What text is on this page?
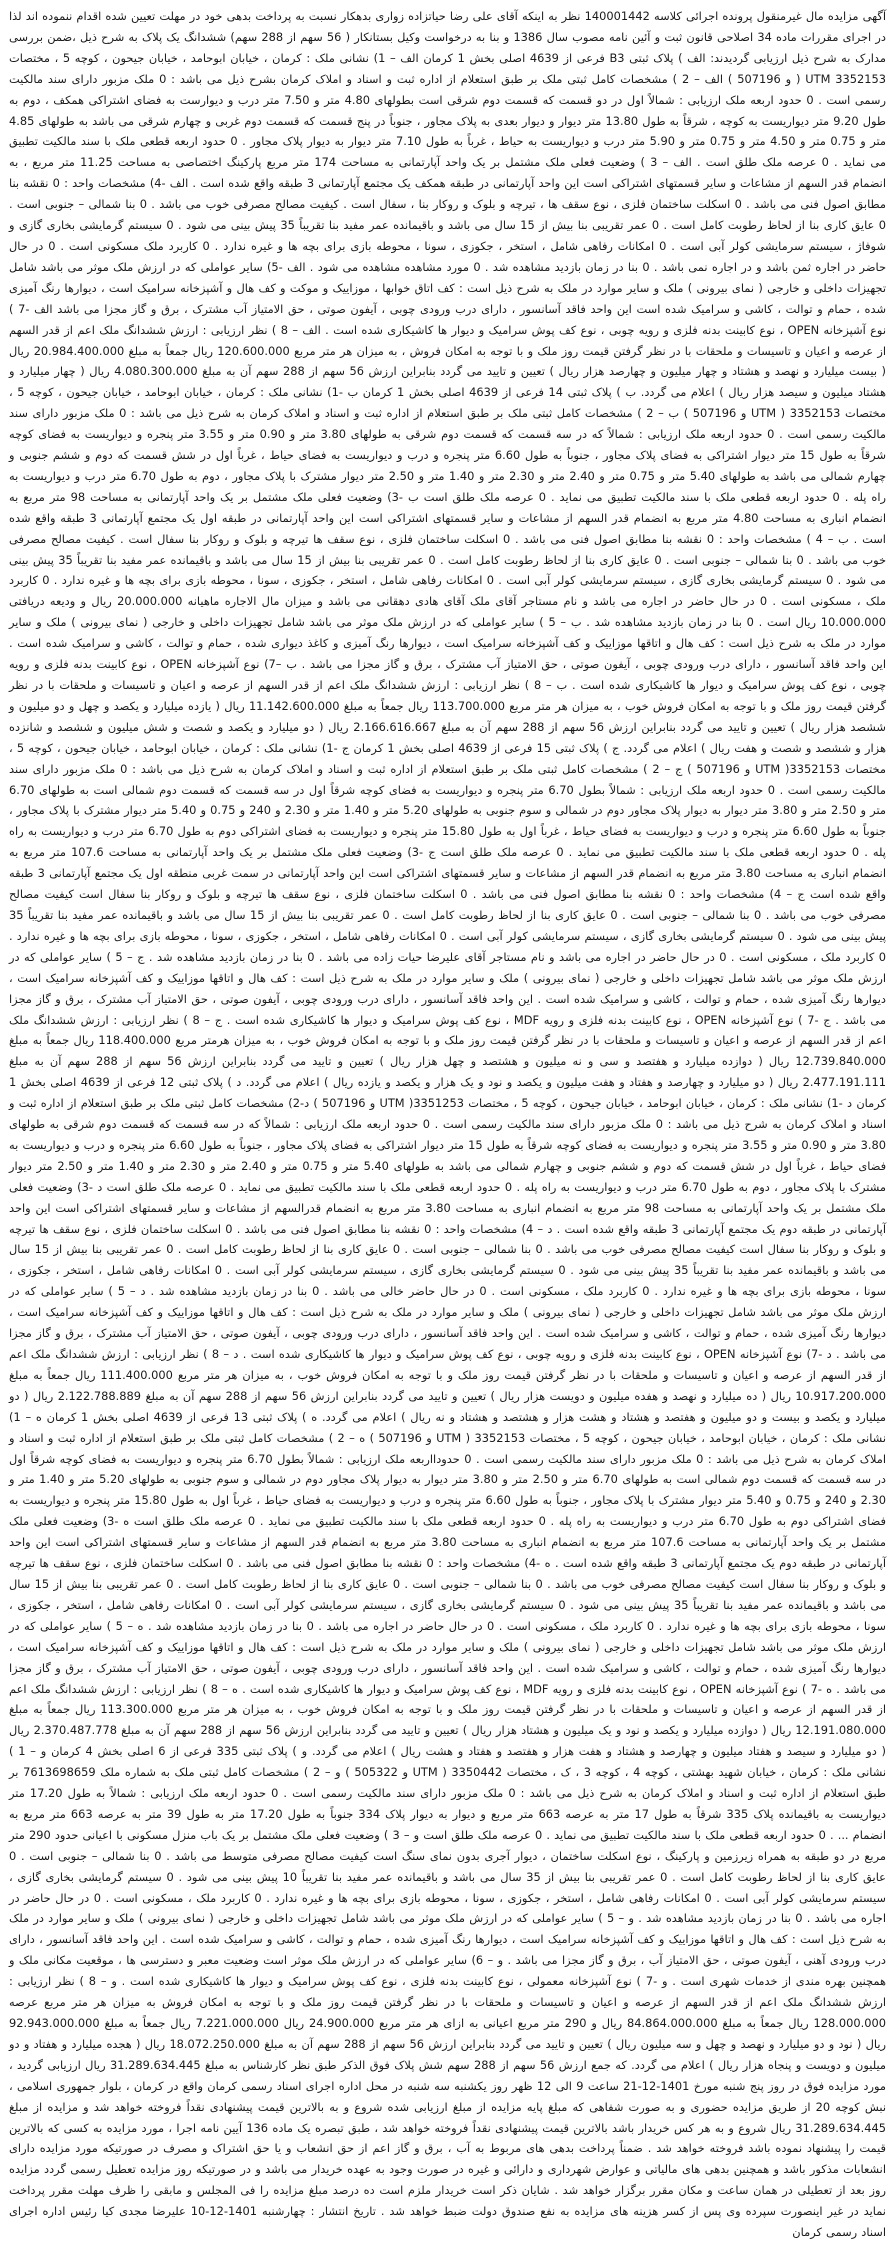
آگهی مزایده مال غیرمنقول پرونده اجرائی کلاسه 140001442 نظر به اینکه آقای علی رضا حیاتزاده زواری بدهکار نسبت به پرداخت بدهی خود در مهلت تعیین شده اقدام ننموده اند لذا در اجرای مقررات ماده 34 اصلاحی قانون ثبت و آئین نامه مصوب سال 1386 و بنا به درخواست وکیل بستانکار ( 56 سهم از 288 سهم) ششدانگ یک پلاک به شرح ذیل ،ضمن بررسی مدارک به شرح ذیل ارزیابی گردیدند: الف ) پلاک ثبتی B3 فرعی از 4639 اصلی بخش 1 کرمان الف – 1) نشانی ملک : کرمان ، خیابان ابوحامد ، خیابان جیحون ، کوچه 5 ، مختصات 3352153 UTM ( و 507196 ) الف – 2 ) مشخصات کامل ثبتی ملک بر طبق استعلام از اداره ثبت و اسناد و املاک کرمان بشرح ذیل می باشد : 0 ملک مزبور دارای سند مالکیت رسمی است . 0 حدود اربعه ملک ارزیابی : شمالاً اول در دو قسمت که قسمت دوم شرقی است بطولهای 4.80 متر و 7.50 متر درب و دیوارست به فضای اشتراکی همکف ، دوم به طول 9.20 متر دیواریست به کوچه ، شرقاً به طول 13.80 متر دیوار و دیوار بعدی به پلاک مجاور ، جنوباً در پنج قسمت که قسمت دوم غربی و چهارم شرقی می باشد به طولهای 4.85 متر و 0.75 متر و 4.50 متر و 0.75 متر و 5.90 متر درب و دیواریست به حیاط ، غرباً به طول 7.10 متر دیوار به دیوار پلاک مجاور . 0 حدود اربعه قطعی ملک با سند مالکیت تطبیق می نماید . 0 عرصه ملک طلق است . الف – 3 ) وضعیت فعلی ملک مشتمل بر یک واحد آپارتمانی به مساحت 174 متر مربع پارکینگ اختصاصی به مساحت 11.25 متر مربع ، به انضمام قدر السهم از مشاعات و سایر قسمتهای اشتراکی است این واحد آپارتمانی در طبقه همکف یک مجتمع آپارتمانی 3 طبقه واقع شده است . الف -4) مشخصات واحد : 0 نقشه بنا مطابق اصول فنی می باشد . 0 اسکلت ساختمان فلزی ، نوع سقف ها ، تیرچه و بلوک و روکار بنا ، سفال است . کیفیت مصالح مصرفی خوب می باشد . 0 بنا شمالی – جنوبی است . 0 عایق کاری بنا از لحاظ رطوبت کامل است . 0 عمر تقریبی بنا بیش از 15 سال می باشد و باقیمانده عمر مفید بنا تقریباً 35 پیش بینی می شود . 0 سیستم گرمایشی بخاری گازی و شوفاژ ، سیستم سرمایشی کولر آبی است . 0 امکانات رفاهی شامل ، استخر ، جکوزی ، سونا ، محوطه بازی برای بچه ها و غیره ندارد . 0 کاربرد ملک مسکونی است . 0 در حال حاضر در اجاره ثمن باشد و در اجاره نمی باشد . 0 بنا در زمان بازدید مشاهده شد . 0 مورد مشاهده مشاهده می شود . الف -5) سایر عواملی که در ارزش ملک موثر می باشد شامل تجهیزات داخلی و خارجی ( نمای بیرونی ) ملک و سایر موارد در ملک به شرح ذیل است : کف اتاق خوابها ، موزاییک و موکت و کف هال و آشپزخانه سرامیک است ، دیوارها رنگ آمیزی شده ، حمام و توالت ، کاشی و سرامیک شده است این واحد فاقد آسانسور ، دارای درب ورودی چوبی ، آیفون صوتی ، حق الامتیاز آب مشترک ، برق و گاز مجزا می باشد الف -7 ) نوع آشپزخانه OPEN ، نوع کابینت بدنه فلزی و رویه چوبی ، نوع کف پوش سرامیک و دیوار ها کاشیکاری شده است . الف – 8 ) نظر ارزیابی : ارزش ششدانگ ملک اعم از قدر السهم از عرصه و اعیان و تاسیسات و ملحقات با در نظر گرفتن قیمت روز ملک و با توجه به امکان فروش ، به میزان هر متر مربع 120.600.000 ریال جمعاً به مبلغ 20.984.400.000 ریال ( بیست میلیارد و نهصد و هشتاد و چهار میلیون و چهارصد هزار ریال ) تعیین و تایید می گردد بنابراین ارزش 56 سهم از 288 سهم آن به مبلغ 4.080.300.000 ریال ( چهار میلیارد و هشتاد میلیون و سیصد هزار ریال ) اعلام می گردد. ب ) پلاک ثبتی 14 فرعی از 4639 اصلی بخش 1 کرمان ب -1) نشانی ملک : کرمان ، خیابان ابوحامد ، خیابان جیحون ، کوچه 5 ، مختصات 3352153 ( UTM و 507196 ) ب – 2 ) مشخصات کامل ثبتی ملک بر طبق استعلام از اداره ثبت و اسناد و املاک کرمان به شرح ذیل می باشد : 0 ملک مزبور دارای سند مالکیت رسمی است . 0 حدود اربعه ملک ارزیابی : شمالاً که در سه قسمت که قسمت دوم شرقی به طولهای 3.80 متر و 0.90 متر و 3.55 متر پنجره و دیواریست به فضای کوچه شرقاً به طول 15 متر دیوار اشتراکی به فضای پلاک مجاور ، جنوباً به طول 6.60 متر پنجره و درب و دیواریست به فضای حیاط ، غرباً اول در شش قسمت که دوم و ششم جنوبی و چهارم شمالی می باشد به طولهای 5.40 متر و 0.75 متر و 2.40 متر و 2.30 متر و 1.40 متر و 2.50 متر دیوار مشترک با پلاک مجاور ، دوم به طول 6.70 متر درب و دیواریست به راه پله . 0 حدود اربعه قطعی ملک با سند مالکیت تطبیق می نماید . 0 عرصه ملک طلق است ب -3) وضعیت فعلی ملک مشتمل بر یک واحد آپارتمانی به مساحت 98 متر مربع به انضمام انباری به مساحت 4.80 متر مربع به انضمام قدر السهم از مشاعات و سایر قسمتهای اشتراکی است این واحد آپارتمانی در طبقه اول یک مجتمع آپارتمانی 3 طبقه واقع شده است . ب – 4 ) مشخصات واحد : 0 نقشه بنا مطابق اصول فنی می باشد . 0 اسکلت ساختمان فلزی ، نوع سقف ها تیرچه و بلوک و روکار بنا سفال است . کیفیت مصالح مصرفی خوب می باشد . 0 بنا شمالی – جنوبی است . 0 عایق کاری بنا از لحاظ رطوبت کامل است . 0 عمر تقریبی بنا بیش از 15 سال می باشد و باقیمانده عمر مفید بنا تقریباً 35 پیش بینی می شود . 0 سیستم گرمایشی بخاری گازی ، سیستم سرمایشی کولر آبی است . 0 امکانات رفاهی شامل ، استخر ، جکوزی ، سونا ، محوطه بازی برای بچه ها و غیره ندارد . 0 کاربرد ملک ، مسکونی است . 0 در حال حاضر در اجاره می باشد و نام مستاجر آقای ملک آقای هادی دهقانی می باشد و میزان مال الاجاره ماهیانه 20.000.000 ریال و ودیعه دریافتی 10.000.000 ریال است . 0 بنا در زمان بازدید مشاهده شد . ب – 5 ) سایر عواملی که در ارزش ملک موثر می باشد شامل تجهیزات داخلی و خارجی ( نمای بیرونی ) ملک و سایر موارد در ملک به شرح ذیل است : کف هال و اتاقها موزاییک و کف آشپزخانه سرامیک است ، دیوارها رنگ آمیزی و کاغذ دیواری شده ، حمام و توالت ، کاشی و سرامیک شده است . این واحد فاقد آسانسور ، دارای درب ورودی چوبی ، آیفون صوتی ، حق الامتیاز آب مشترک ، برق و گاز مجزا می باشد . ب –7) نوع آشپزخانه OPEN ، نوع کابینت بدنه فلزی و رویه چوبی ، نوع کف پوش سرامیک و دیوار ها کاشیکاری شده است . ب – 8 ) نظر ارزیابی : ارزش ششدانگ ملک اعم از قدر السهم از عرصه و اعیان و تاسیسات و ملحقات با در نظر گرفتن قیمت روز ملک و با توجه به امکان فروش خوب ، به میزان هر متر مربع 113.700.000 ریال جمعاً به مبلغ 11.142.600.000 ریال ( یازده میلیارد و یکصد و چهل و دو میلیون و ششصد هزار ریال ) تعیین و تایید می گردد بنابراین ارزش 56 سهم از 288 سهم آن به مبلغ 2.166.616.667 ریال ( دو میلیارد و یکصد و شصت و شش میلیون و ششصد و شانزده هزار و ششصد و شصت و هفت ریال ) اعلام می گردد. ج ) پلاک ثبتی 15 فرعی از 4639 اصلی بخش 1 کرمان ج -1) نشانی ملک : کرمان ، خیابان ابوحامد ، خیابان جیحون ، کوچه 5 ، مختصات 3352153( UTM و 507196 ) ج – 2 ) مشخصات کامل ثبتی ملک بر طبق استعلام از اداره ثبت و اسناد و املاک کرمان به شرح ذیل می باشد : 0 ملک مزبور دارای سند مالکیت رسمی است . 0 حدود اربعه ملک ارزیابی : شمالاً بطول 6.70 متر پنجره و دیواریست به فضای کوچه شرقاً اول در سه قسمت که قسمت دوم شمالی است به طولهای 6.70 متر و 2.50 متر و 3.80 متر دیوار به دیوار پلاک مجاور دوم در شمالی و سوم جنوبی به طولهای 5.20 متر و 1.40 متر و 2.30 و 240 و 0.75 و 5.40 متر دیوار مشترک با پلاک مجاور ، جنوباً به طول 6.60 متر پنجره و درب و دیواریست به فضای حیاط ، غرباً اول به طول 15.80 متر پنجره و دیواریست به فضای اشتراکی دوم به طول 6.70 متر درب و دیواریست به راه پله . 0 حدود اربعه قطعی ملک با سند مالکیت تطبیق می نماید . 0 عرصه ملک طلق است ج -3) وضعیت فعلی ملک مشتمل بر یک واحد آپارتمانی به مساحت 107.6 متر مربع به انضمام انباری به مساحت 3.80 متر مربع به انضمام قدر السهم از مشاعات و سایر قسمتهای اشتراکی است این واحد آپارتمانی در سمت غربی منطقه اول یک مجتمع آپارتمانی 3 طبقه واقع شده است ج – 4) مشخصات واحد : 0 نقشه بنا مطابق اصول فنی می باشد . 0 اسکلت ساختمان فلزی ، نوع سقف ها تیرچه و بلوک و روکار بنا سفال است کیفیت مصالح مصرفی خوب می باشد . 0 بنا شمالی – جنوبی است . 0 عایق کاری بنا از لحاظ رطوبت کامل است . 0 عمر تقریبی بنا بیش از 15 سال می باشد و باقیمانده عمر مفید بنا تقریباً 35 پیش بینی می شود . 0 سیستم گرمایشی بخاری گازی ، سیستم سرمایشی کولر آبی است . 0 امکانات رفاهی شامل ، استخر ، جکوزی ، سونا ، محوطه بازی برای بچه ها و غیره ندارد . 0 کاربرد ملک ، مسکونی است . 0 در حال حاضر در اجاره می باشد و نام مستاجر آقای علیرضا حیات زاده می باشد . 0 بنا در زمان بازدید مشاهده شد . ج – 5 ) سایر عواملی که در ارزش ملک موثر می باشد شامل تجهیزات داخلی و خارجی ( نمای بیرونی ) ملک و سایر موارد در ملک به شرح ذیل است : کف هال و اتاقها موزاییک و کف آشپزخانه سرامیک است ، دیوارها رنگ آمیزی شده ، حمام و توالت ، کاشی و سرامیک شده است . این واحد فاقد آسانسور ، دارای درب ورودی چوبی ، آیفون صوتی ، حق الامتیاز آب مشترک ، برق و گاز مجزا می باشد . ج -7 ) نوع آشپزخانه OPEN ، نوع کابینت بدنه فلزی و رویه MDF ، نوع کف پوش سرامیک و دیوار ها کاشیکاری شده است . ج – 8 ) نظر ارزیابی : ارزش ششدانگ ملک اعم از قدر السهم از عرصه و اعیان و تاسیسات و ملحقات با در نظر گرفتن قیمت روز ملک و با توجه به امکان فروش خوب ، به میزان هرمتر مربع 118.400.000 ریال جمعاً به مبلغ 12.739.840.000 ریال ( دوازده میلیارد و هفتصد و سی و نه میلیون و هشتصد و چهل هزار ریال ) تعیین و تایید می گردد بنابراین ارزش 56 سهم از 288 سهم آن به مبلغ 2.477.191.111 ریال ( دو میلیارد و چهارصد و هفتاد و هفت میلیون و یکصد و نود و یک هزار و یکصد و یازده ریال ) اعلام می گردد. د ) پلاک ثبتی 12 فرعی از 4639 اصلی بخش 1 کرمان د -1) نشانی ملک : کرمان ، خیابان ابوحامد ، خیابان جیحون ، کوچه 5 ، مختصات 3351253( UTM و 507196 ) د-2) مشخصات کامل ثبتی ملک بر طبق استعلام از اداره ثبت و اسناد و املاک کرمان به شرح ذیل می باشد : 0 ملک مزبور دارای سند مالکیت رسمی است . 0 حدود اربعه ملک ارزیابی : شمالاً که در سه قسمت که قسمت دوم شرقی به طولهای 3.80 متر و 0.90 متر و 3.55 متر پنجره و دیواریست به فضای کوچه شرقاً به طول 15 متر دیوار اشتراکی به فضای پلاک مجاور ، جنوباً به طول 6.60 متر پنجره و درب و دیواریست به فضای حیاط ، غرباً اول در شش قسمت که دوم و ششم جنوبی و چهارم شمالی می باشد به طولهای 5.40 متر و 0.75 متر و 2.40 متر و 2.30 متر و 1.40 متر و 2.50 متر دیوار مشترک با پلاک مجاور ، دوم به طول 6.70 متر درب و دیواریست به راه پله . 0 حدود اربعه قطعی ملک با سند مالکیت تطبیق می نماید . 0 عرصه ملک طلق است د -3) وضعیت فعلی ملک مشتمل بر یک واحد آپارتمانی به مساحت 98 متر مربع به انضمام انباری به مساحت 3.80 متر مربع به انضمام قدرالسهم از مشاعات و سایر قسمتهای اشتراکی است این واحد آپارتمانی در طبقه دوم یک مجتمع آپارتمانی 3 طبقه واقع شده است . د – 4) مشخصات واحد : 0 نقشه بنا مطابق اصول فنی می باشد . 0 اسکلت ساختمان فلزی ، نوع سقف ها تیرچه و بلوک و روکار بنا سفال است کیفیت مصالح مصرفی خوب می باشد . 0 بنا شمالی – جنوبی است . 0 عایق کاری بنا از لحاظ رطوبت کامل است . 0 عمر تقریبی بنا بیش از 15 سال می باشد و باقیمانده عمر مفید بنا تقریباً 35 پیش بینی می شود . 0 سیستم گرمایشی بخاری گازی ، سیستم سرمایشی کولر آبی است . 0 امکانات رفاهی شامل ، استخر ، جکوزی ، سونا ، محوطه بازی برای بچه ها و غیره ندارد . 0 کاربرد ملک ، مسکونی است . 0 در حال حاضر خالی می باشد . 0 بنا در زمان بازدید مشاهده شد . د – 5 ) سایر عواملی که در ارزش ملک موثر می باشد شامل تجهیزات داخلی و خارجی ( نمای بیرونی ) ملک و سایر موارد در ملک به شرح ذیل است : کف هال و اتاقها موزاییک و کف آشپزخانه سرامیک است ، دیوارها رنگ آمیزی شده ، حمام و توالت ، کاشی و سرامیک شده است . این واحد فاقد آسانسور ، دارای درب ورودی چوبی ، آیفون صوتی ، حق الامتیاز آب مشترک ، برق و گاز مجزا می باشد . د -7) نوع آشپزخانه OPEN ، نوع کابینت بدنه فلزی و رویه چوبی ، نوع کف پوش سرامیک و دیوار ها کاشیکاری شده است . د – 8 ) نظر ارزیابی : ارزش ششدانگ ملک اعم از قدر السهم از عرصه و اعیان و تاسیسات و ملحقات با در نظر گرفتن قیمت روز ملک و با توجه به امکان فروش خوب ، به میزان هر متر مربع 111.400.000 ریال جمعاً به مبلغ 10.917.200.000 ریال ( ده میلیارد و نهصد و هفده میلیون و دویست هزار ریال ) تعیین و تایید می گردد بنابراین ارزش 56 سهم از 288 سهم آن به مبلغ 2.122.788.889 ریال ( دو میلیارد و یکصد و بیست و دو میلیون و هفتصد و هشتاد و هشت هزار و هشتصد و هشتاد و نه ریال ) اعلام می گردد. ه ) پلاک ثبتی 13 فرعی از 4639 اصلی بخش 1 کرمان ه – 1) نشانی ملک : کرمان ، خیابان ابوحامد ، خیابان جیحون ، کوچه 5 ، مختصات 3352153 ( UTM و 507196 ) ه – 2 ) مشخصات کامل ثبتی ملک بر طبق استعلام از اداره ثبت و اسناد و املاک کرمان به شرح ذیل می باشد : 0 ملک مزبور دارای سند مالکیت رسمی است . 0 حدودااربعه ملک ارزیابی : شمالاً بطول 6.70 متر پنجره و دیواریست به فضای کوچه شرقاً اول در سه قسمت که قسمت دوم شمالی است به طولهای 6.70 متر و 2.50 متر و 3.80 متر دیوار به دیوار پلاک مجاور دوم در شمالی و سوم جنوبی به طولهای 5.20 متر و 1.40 متر و 2.30 و 240 و 0.75 و 5.40 متر دیوار مشترک با پلاک مجاور ، جنوباً به طول 6.60 متر پنجره و درب و دیواریست به فضای حیاط ، غرباً اول به طول 15.80 متر پنجره و دیواریست به فضای اشتراکی دوم به طول 6.70 متر درب و دیواریست به راه پله . 0 حدود اربعه قطعی ملک با سند مالکیت تطبیق می نماید . 0 عرصه ملک طلق است ه -3) وضعیت فعلی ملک مشتمل بر یک واحد آپارتمانی به مساحت 107.6 متر مربع به انضمام انباری به مساحت 3.80 متر مربع به انضمام قدر السهم از مشاعات و سایر قسمتهای اشتراکی است این واحد آپارتمانی در طبقه دوم یک مجتمع آپارتمانی 3 طبقه واقع شده است . ه -4) مشخصات واحد : 0 نقشه بنا مطابق اصول فنی می باشد . 0 اسکلت ساختمان فلزی ، نوع سقف ها تیرچه و بلوک و روکار بنا سفال است کیفیت مصالح مصرفی خوب می باشد . 0 بنا شمالی – جنوبی است . 0 عایق کاری بنا از لحاظ رطوبت کامل است . 0 عمر تقریبی بنا بیش از 15 سال می باشد و باقیمانده عمر مفید بنا تقریباً 35 پیش بینی می شود . 0 سیستم گرمایشی بخاری گازی ، سیستم سرمایشی کولر آبی است . 0 امکانات رفاهی شامل ، استخر ، جکوزی ، سونا ، محوطه بازی برای بچه ها و غیره ندارد . 0 کاربرد ملک ، مسکونی است . 0 در حال حاضر در اجاره می باشد . 0 بنا در زمان بازدید مشاهده شد . ه – 5 ) سایر عواملی که در ارزش ملک موثر می باشد شامل تجهیزات داخلی و خارجی ( نمای بیرونی ) ملک و سایر موارد در ملک به شرح ذیل است : کف هال و اتاقها موزاییک و کف آشپزخانه سرامیک است ، دیوارها رنگ آمیزی شده ، حمام و توالت ، کاشی و سرامیک شده است . این واحد فاقد آسانسور ، دارای درب ورودی چوبی ، آیفون صوتی ، حق الامتیاز آب مشترک ، برق و گاز مجزا می باشد . ه -7 ) نوع آشپزخانه OPEN ، نوع کابینت بدنه فلزی و رویه MDF ، نوع کف پوش سرامیک و دیوار ها کاشیکاری شده است . ه – 8 ) نظر ارزیابی : ارزش ششدانگ ملک اعم از قدر السهم از عرصه و اعیان و تاسیسات و ملحقات با در نظر گرفتن قیمت روز ملک و با توجه به امکان فروش خوب ، به میزان هر متر مربع 113.300.000 ریال جمعاً به مبلغ 12.191.080.000 ریال ( دوازده میلیارد و یکصد و نود و یک میلیون و هشتاد هزار ریال ) تعیین و تایید می گردد بنابراین ارزش 56 سهم از 288 سهم آن به مبلغ 2.370.487.778 ریال ( دو میلیارد و سیصد و هفتاد میلیون و چهارصد و هشتاد و هفت هزار و هفتصد و هفتاد و هشت ریال ) اعلام می گردد. و ) پلاک ثبتی 335 فرعی از 6 اصلی بخش 4 کرمان و – 1 ) نشانی ملک : کرمان ، خیابان شهید بهشتی ، کوچه 4 ، کوچه 3 ، ک ، مختصات 3350442 ( UTM و 505322 ) و – 2 ) مشخصات کامل ثبتی ملک به شماره ملک 7613698659 بر طبق استعلام از اداره ثبت و اسناد و املاک کرمان به شرح ذیل می باشد : 0 ملک مزبور دارای سند مالکیت رسمی است . 0 حدود اربعه ملک ارزیابی : شمالاً به طول 17.20 متر دیواریست به باقیمانده پلاک 335 شرقاً به طول 17 متر به عرصه 663 متر مربع و دیوار به دیوار پلاک 334 جنوباً به طول 17.20 متر به طول 39 متر به عرصه 663 متر مربع به انضمام ... . 0 حدود اربعه قطعی ملک با سند مالکیت تطبیق می نماید . 0 عرصه ملک طلق است و – 3 ) وضعیت فعلی ملک مشتمل بر یک باب منزل مسکونی با اعیانی حدود 290 متر مربع در دو طبقه به همراه زیرزمین و پارکینگ ، نوع اسکلت ساختمان ، دیوار آجری بدون نمای سنگ است کیفیت مصالح مصرفی متوسط می باشد . 0 بنا شمالی – جنوبی است . 0 عایق کاری بنا از لحاظ رطوبت کامل است . 0 عمر تقریبی بنا بیش از 35 سال می باشد و باقیمانده عمر مفید بنا تقریباً 10 پیش بینی می شود . 0 سیستم گرمایشی بخاری گازی ، سیستم سرمایشی کولر آبی است . 0 امکانات رفاهی شامل ، استخر ، جکوزی ، سونا ، محوطه بازی برای بچه ها و غیره ندارد . 0 کاربرد ملک ، مسکونی است . 0 در حال حاضر در اجاره می باشد . 0 بنا در زمان بازدید مشاهده شد . و – 5 ) سایر عواملی که در ارزش ملک موثر می باشد شامل تجهیزات داخلی و خارجی ( نمای بیرونی ) ملک و سایر موارد در ملک به شرح ذیل است : کف هال و اتاقها موزاییک و کف آشپزخانه سرامیک است ، دیوارها رنگ آمیزی شده ، حمام و توالت ، کاشی و سرامیک شده است . این واحد فاقد آسانسور ، دارای درب ورودی آهنی ، آیفون صوتی ، حق الامتیاز آب ، برق و گاز مجزا می باشد . و – 6) سایر عواملی که در ارزش ملک موثر است وضعیت معبر و دسترسی ها ، موقعیت مکانی ملک و همچنین بهره مندی از خدمات شهری است . و -7 ) نوع آشپزخانه معمولی ، نوع کابینت بدنه فلزی ، نوع کف پوش سرامیک و دیوار ها کاشیکاری شده است . و – 8 ) نظر ارزیابی : ارزش ششدانگ ملک اعم از قدر السهم از عرصه و اعیان و تاسیسات و ملحقات با در نظر گرفتن قیمت روز ملک و با توجه به امکان فروش به میزان هر متر مربع عرصه 128.000.000 ریال جمعاً به مبلغ 84.864.000.000 ریال و 290 متر مربع اعیانی به ازای هر متر مربع 24.900.000 ریال 7.221.000.000 ریال جمعاً به مبلغ 92.943.000.000 ریال ( نود و دو میلیارد و نهصد و چهل و سه میلیون ریال ) تعیین و تایید می گردد بنابراین ارزش 56 سهم از 288 سهم آن به مبلغ 18.072.250.000 ریال ( هجده میلیارد و هفتاد و دو میلیون و دویست و پنجاه هزار ریال ) اعلام می گردد. که جمع ارزش 56 سهم از 288 سهم شش پلاک فوق الذکر طبق نظر کارشناس به مبلغ 31.289.634.445 ریال ارزیابی گردید ، مورد مزایده فوق در روز پنج شنبه مورخ 1401-12-21 ساعت 9 الی 12 ظهر روز یکشنبه سه شنبه در محل اداره اجرای اسناد رسمی کرمان واقع در کرمان ، بلوار جمهوری اسلامی ، نبش کوچه 20 از طریق مزایده حضوری و به صورت شفاهی که مبلغ پایه مزایده از مبلغ ارزیابی شده شروع و به بالاترین قیمت پیشنهادی نقداً فروخته خواهد شد و مزایده از مبلغ 31.289.634.445 ریال شروع و به هر کس خریدار باشد بالاترین قیمت پیشنهادی نقداً فروخته خواهد شد ، طبق تبصره یک ماده 136 آیین نامه اجرا ، مورد مزایده به کسی که بالاترین قیمت را پیشنهاد نموده باشد فروخته خواهد شد . ضمناً پرداخت بدهی های مربوط به آب ، برق و گاز اعم از حق انشعاب و یا حق اشتراک و مصرف در صورتیکه مورد مزایده دارای انشعابات مذکور باشد و همچنین بدهی های مالیاتی و عوارض شهرداری و دارائی و غیره در صورت وجود به عهده خریدار می باشد و در صورتیکه روز مزایده تعطیل رسمی گردد مزایده روز بعد از تعطیلی در همان ساعت و مکان مقرر برگزار خواهد شد . شایان ذکر است خریدار ملزم است ده درصد مبلغ مزایده را فی المجلس و مابقی را ظرف مهلت مقرر پرداخت نماید در غیر اینصورت سپرده وی پس از کسر هزینه های مزایده به نفع صندوق دولت ضبط خواهد شد . تاریخ انتشار : چهارشنبه 1401-12-10 علیرضا مجدی کیا رئیس اداره اجرای اسناد رسمی کرمان
